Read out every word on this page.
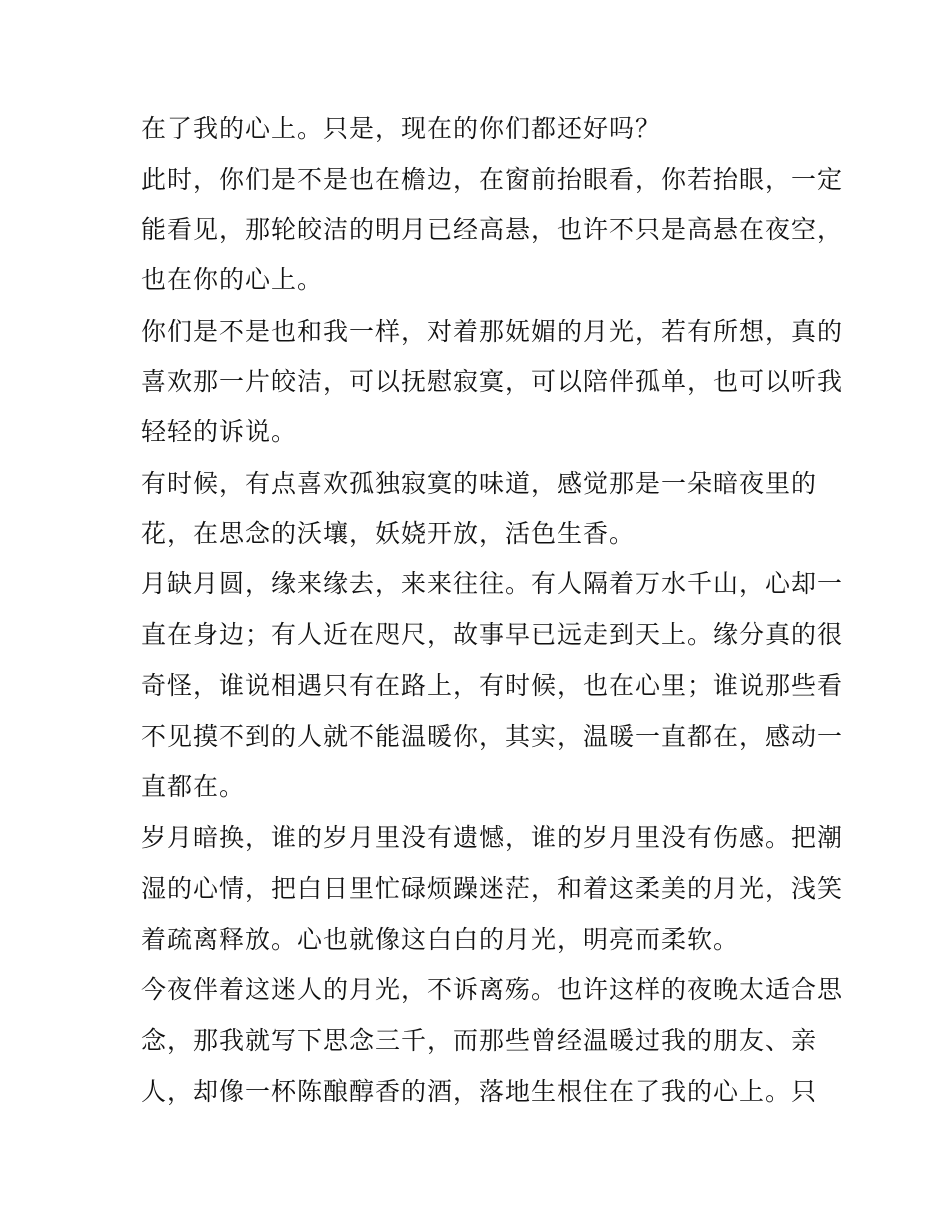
在了我的心上。只是，现在的你们都还好吗？
此时，你们是不是也在檐边，在窗前抬眼看，你若抬眼，一定
能看见，那轮皎洁的明月已经高悬，也许不只是高悬在夜空，
也在你的心上。
你们是不是也和我一样，对着那妩媚的月光，若有所想，真的
喜欢那一片皎洁，可以抚慰寂寞，可以陪伴孤单，也可以听我
轻轻的诉说。
有时候，有点喜欢孤独寂寞的味道，感觉那是一朵暗夜里的
花，在思念的沃壤，妖娆开放，活色生香。
月缺月圆，缘来缘去，来来往往。有人隔着万水千山，心却一
直在身边；有人近在咫尺，故事早已远走到天上。缘分真的很
奇怪，谁说相遇只有在路上，有时候，也在心里；谁说那些看
不见摸不到的人就不能温暖你，其实，温暖一直都在，感动一
直都在。
岁月暗换，谁的岁月里没有遗憾，谁的岁月里没有伤感。把潮
湿的心情，把白日里忙碌烦躁迷茫，和着这柔美的月光，浅笑
着疏离释放。心也就像这白白的月光，明亮而柔软。
今夜伴着这迷人的月光，不诉离殇。也许这样的夜晚太适合思
念，那我就写下思念三千，而那些曾经温暖过我的朋友、亲
人，却像一杯陈酿醇香的酒，落地生根住在了我的心上。只
